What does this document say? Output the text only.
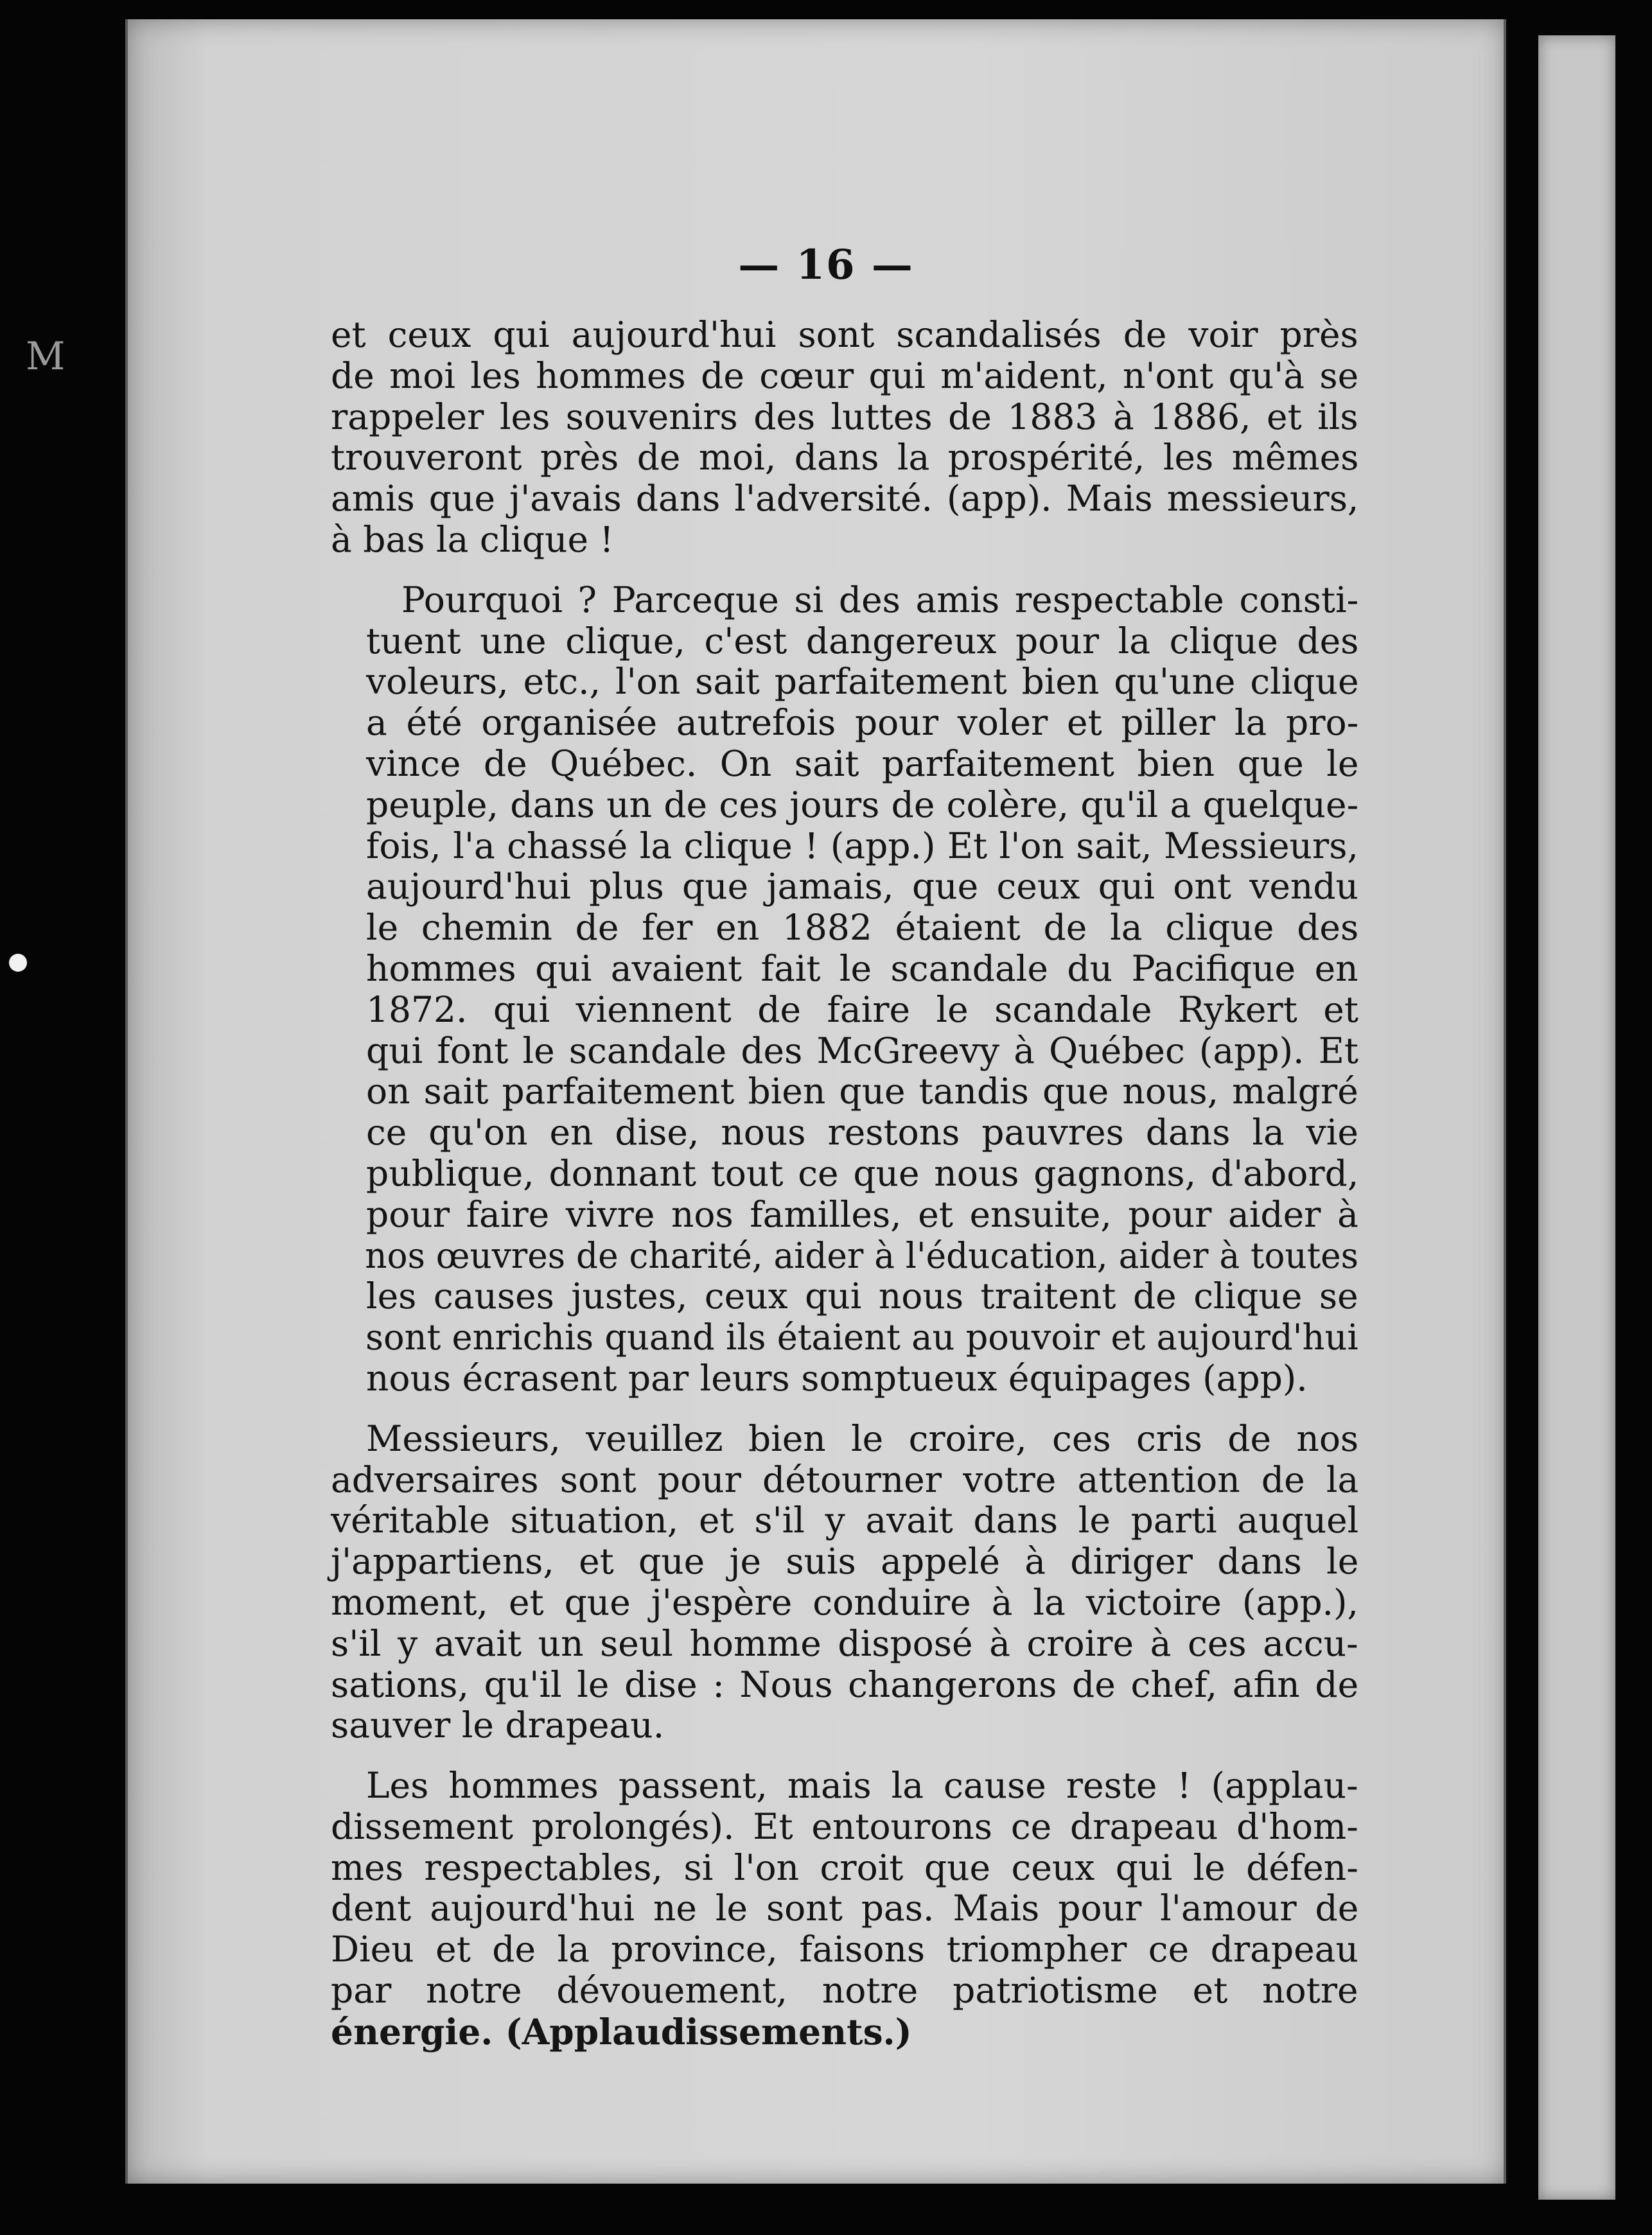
M
— 16 —
et ceux qui aujourd'hui sont scandalisés de voir près
de moi les hommes de cœur qui m'aident, n'ont qu'à se
rappeler les souvenirs des luttes de 1883 à 1886, et ils
trouveront près de moi, dans la prospérité, les mêmes
amis que j'avais dans l'adversité. (app). Mais messieurs,
à bas la clique !
Pourquoi ? Parceque si des amis respectable consti-
tuent une clique, c'est dangereux pour la clique des
voleurs, etc., l'on sait parfaitement bien qu'une clique
a été organisée autrefois pour voler et piller la pro-
vince de Québec. On sait parfaitement bien que le
peuple, dans un de ces jours de colère, qu'il a quelque-
fois, l'a chassé la clique ! (app.) Et l'on sait, Messieurs,
aujourd'hui plus que jamais, que ceux qui ont vendu
le chemin de fer en 1882 étaient de la clique des
hommes qui avaient fait le scandale du Pacifique en
1872. qui viennent de faire le scandale Rykert et
qui font le scandale des McGreevy à Québec (app). Et
on sait parfaitement bien que tandis que nous, malgré
ce qu'on en dise, nous restons pauvres dans la vie
publique, donnant tout ce que nous gagnons, d'abord,
pour faire vivre nos familles, et ensuite, pour aider à
nos œuvres de charité, aider à l'éducation, aider à toutes
les causes justes, ceux qui nous traitent de clique se
sont enrichis quand ils étaient au pouvoir et aujourd'hui
nous écrasent par leurs somptueux équipages (app).
Messieurs, veuillez bien le croire, ces cris de nos
adversaires sont pour détourner votre attention de la
véritable situation, et s'il y avait dans le parti auquel
j'appartiens, et que je suis appelé à diriger dans le
moment, et que j'espère conduire à la victoire (app.),
s'il y avait un seul homme disposé à croire à ces accu-
sations, qu'il le dise : Nous changerons de chef, afin de
sauver le drapeau.
Les hommes passent, mais la cause reste ! (applau-
dissement prolongés). Et entourons ce drapeau d'hom-
mes respectables, si l'on croit que ceux qui le défen-
dent aujourd'hui ne le sont pas. Mais pour l'amour de
Dieu et de la province, faisons triompher ce drapeau
par notre dévouement, notre patriotisme et notre
énergie. (Applaudissements.)
